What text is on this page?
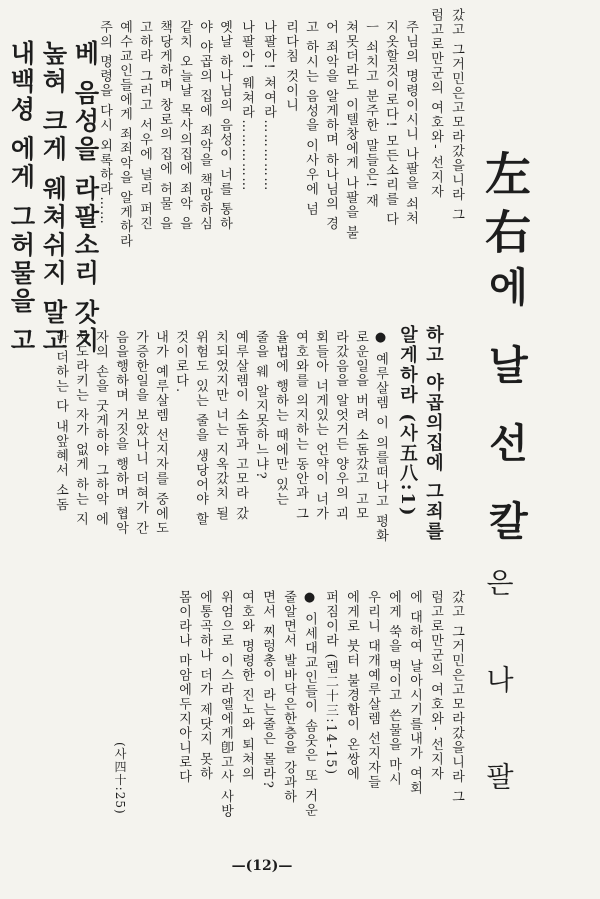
左右에 날 선 칼
은 나 팔
갔고 그거민은고모라갔을니라 그
럼고로만군의 여호와- 선지자
갔고 그거민은고모라갔을니라 그
럼고로만군의 여호와- 선지자
에 대하여 날아시기를내가 여회
에게 쑥을 먹이고 쓴물을 마시
우리니 대개예루살렘 선지자들
에게로 붓터 불경함이 온쌍에
퍼짐이라 (렘二十三:14-15)
● 이세대교인들이 솜웃은 또 거운
줄알면서 발바닥은한층을 강과하
면서 찌렁총이 라는줄은 몰라?
여호와 명령한 진노와 퇴쳐의
위엄으로 이스라엘에게卽고사 사방
에통곡하나 더가 제닷지 못하
몸이라나 마암에두지아니로다
하고 야곱의집에 그죄를
알게하라 (사五八:1)
● 예루살렘 이 의를떠나고 평화
로운일을 버려 소돔갔고 고모
라갔음을 알엇거든 양우의 괴
회들아 너게있는 언약이 너가
여호와를 의지하는 동안과 그
율법에 행하는 때에만 있는
줄을 웨 알지못하느냐?
예루살렘이 소돔과 고모라 갔
치되었지만 너는 지옥갔치 될
위험도 있는 줄을 생당어야 할
것이로다.
내가 예루살렘 선지자를 중에도
가증한일을 보았나니 더혀가 간
음을행하며 거짓을 행하며 협악
자의 손을 굿게하야 그하악 에
서도라키는 자가 없게 하는 지
라 더하는 다 내앞혜서 소돔
주님의 명령이시니 나팔을 쇠처
지옷할것이로다! 모든소리를 다
ㅡ 쇠치고 분주한 말들은! 재
쳐못더라도 이텔창에게 나팔을 불
어 죄악을 알게하며 하나님의 경
고 하시는 음성을 이사우에 넘
리다침 것이니
나팔아! 쳐여라……………
나팔아! 웨쳐라……………
옛날 하나님의 음성이 너를 통하
야 야곱의 집에 죄악을 책망하심
같치 오늘날 목사의집에 죄악 을
책당게하며 창로의 집에 허물 을
고하라 그러고 서우에 널리 퍼진
예수교인들에게 죄죄악을 알게하라
주의 명령을 다시 외록하라……
베 음성을 라팔소리 갓치
높혀 크게 웨쳐쉬지 말고
내백셩 에게 그허물을 고
(사四十:25)
—(12)—
